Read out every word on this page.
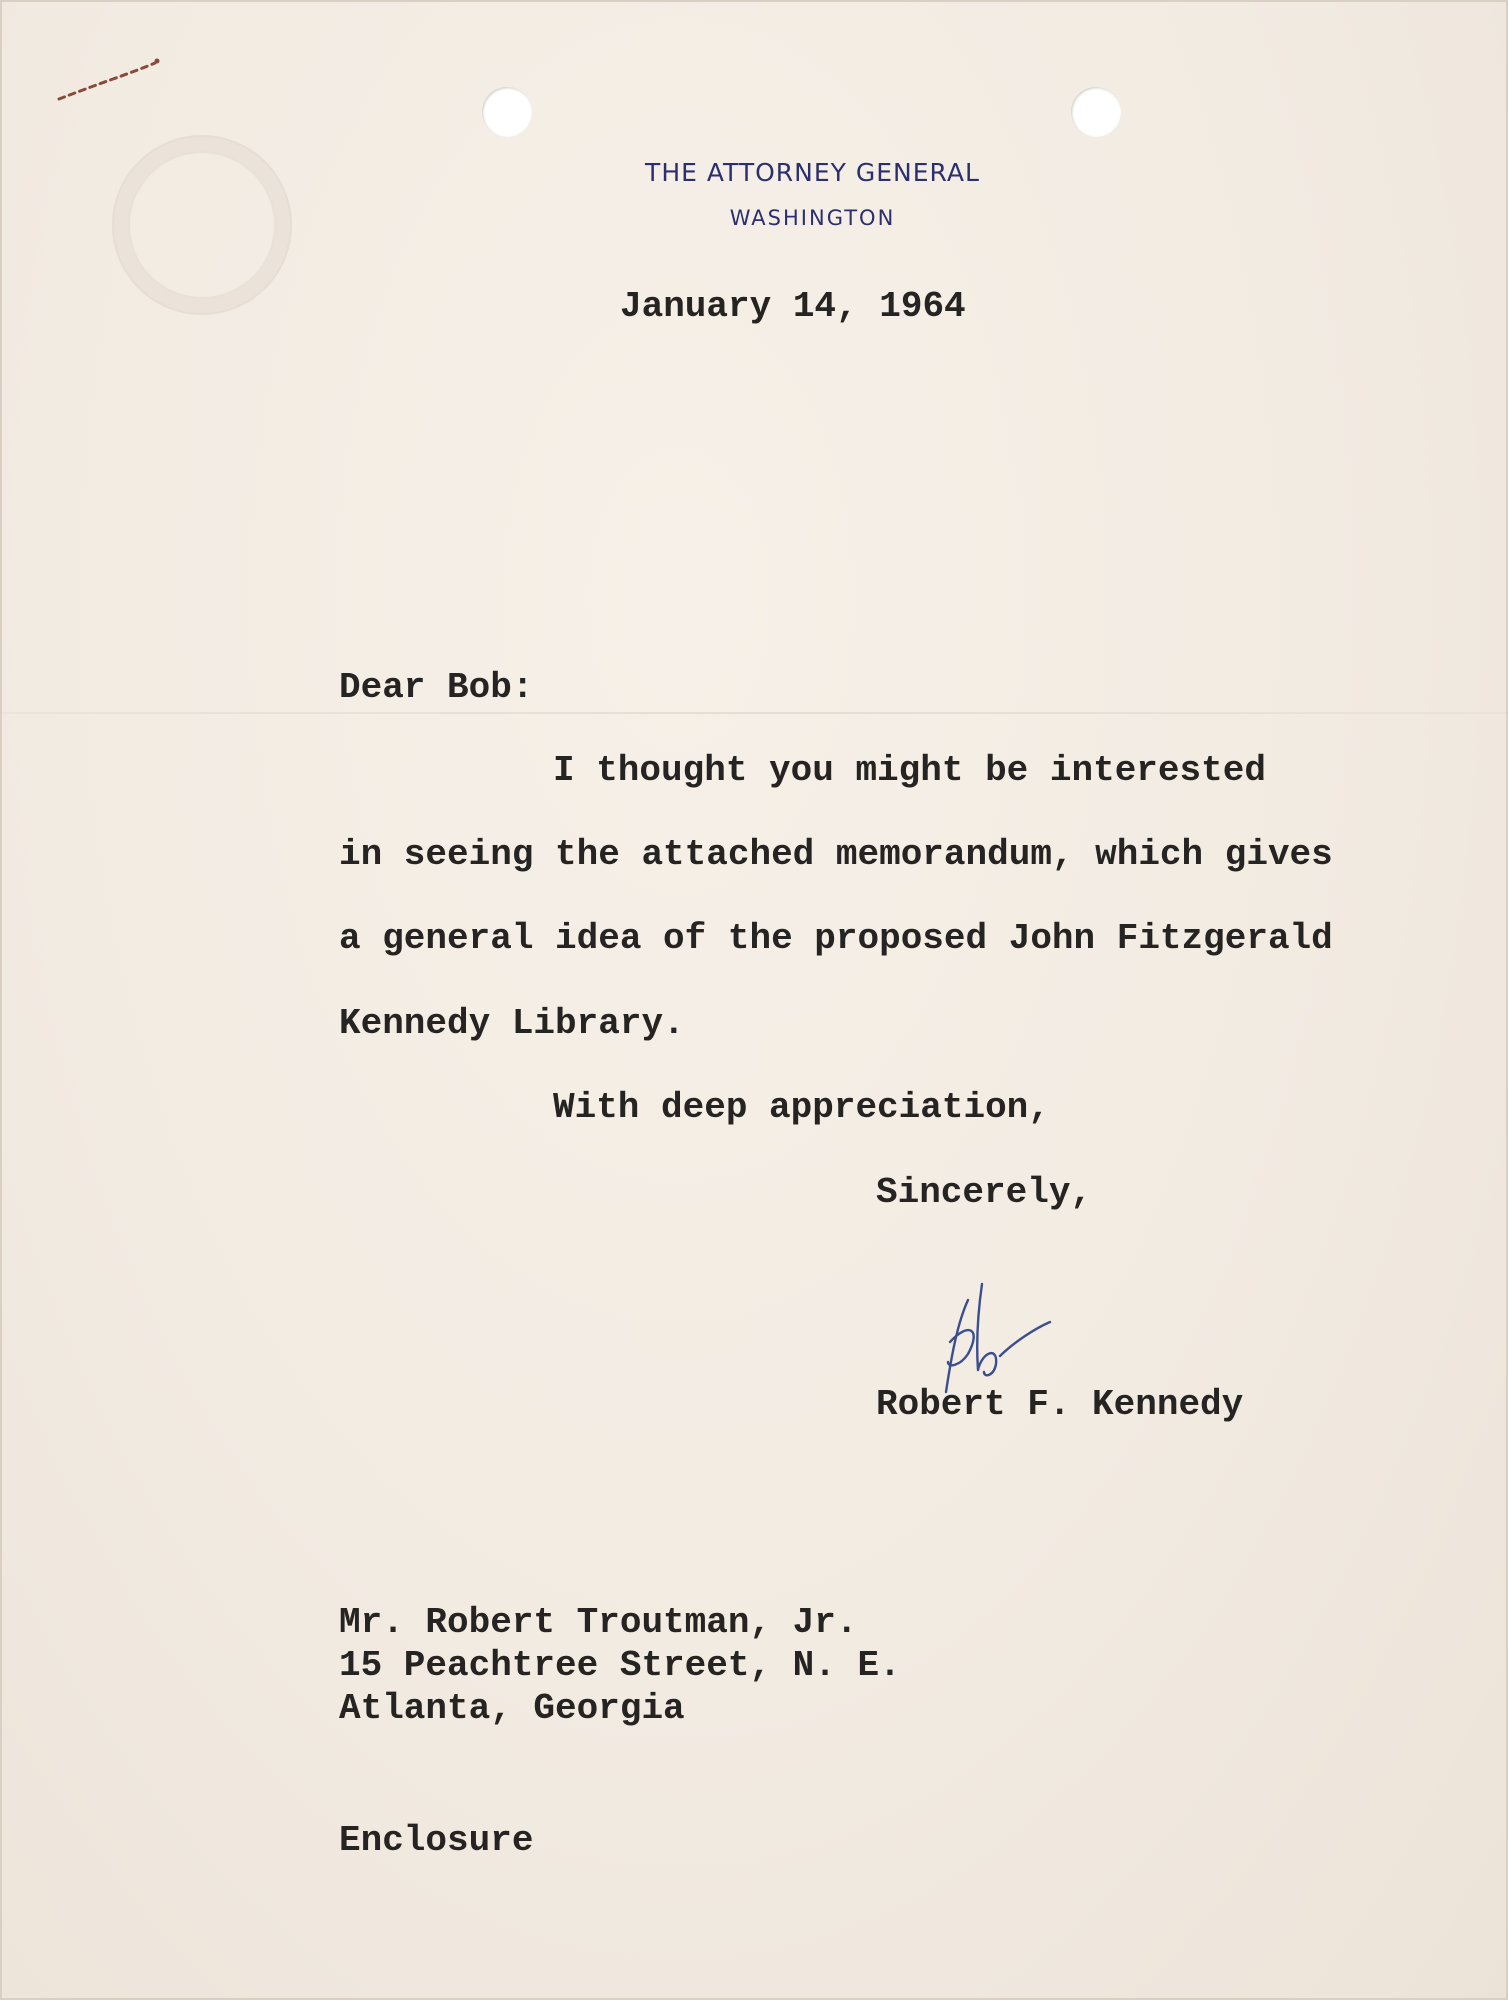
THE ATTORNEY GENERAL
WASHINGTON
January 14, 1964
Dear Bob:
I thought you might be interested
in seeing the attached memorandum, which gives
a general idea of the proposed John Fitzgerald
Kennedy Library.
With deep appreciation,
Sincerely,
Robert F. Kennedy
Mr. Robert Troutman, Jr.
15 Peachtree Street, N. E.
Atlanta, Georgia
Enclosure
